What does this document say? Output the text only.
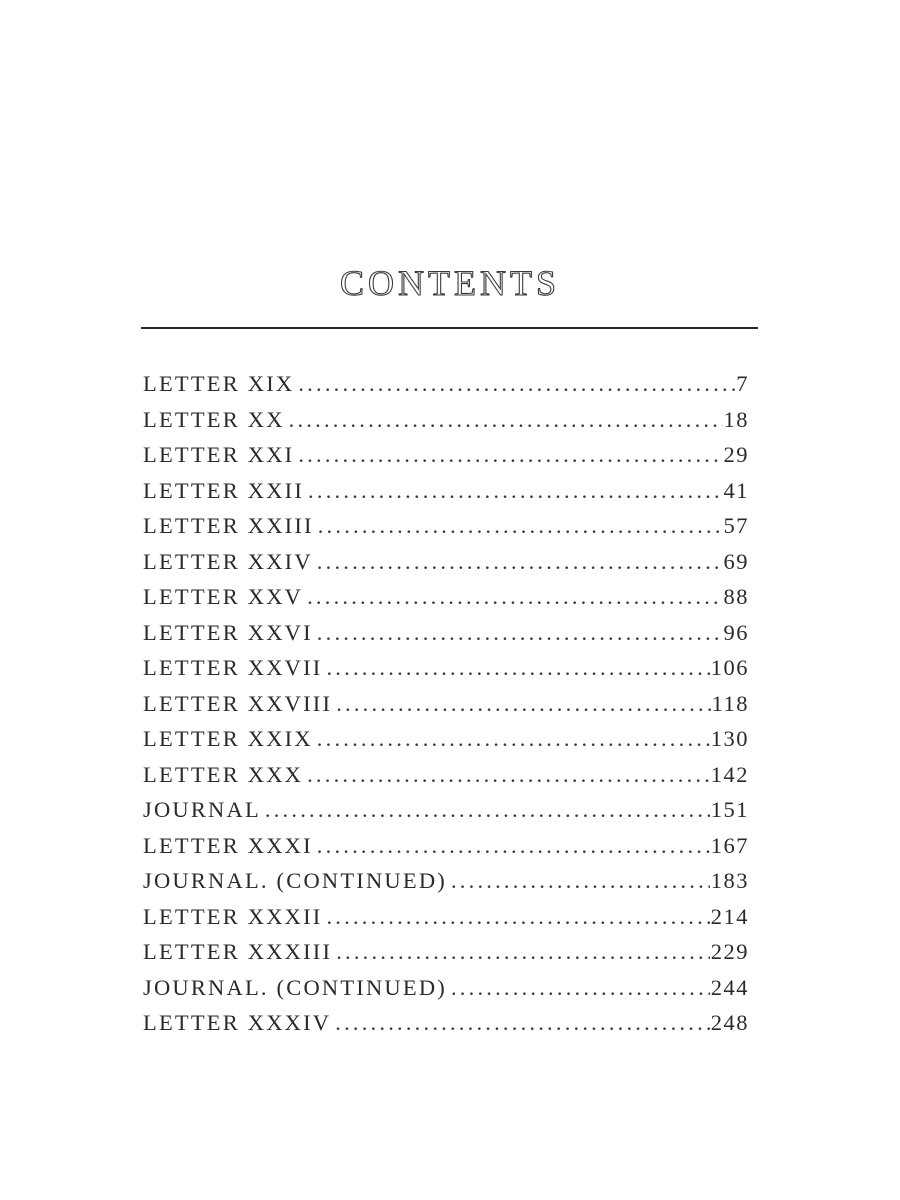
CONTENTS
LETTER XIX .....	7
LETTER XX .....	18
LETTER XXI .....	29
LETTER XXII .....	41
LETTER XXIII .....	57
LETTER XXIV .....	69
LETTER XXV .....	88
LETTER XXVI .....	96
LETTER XXVII .....	106
LETTER XXVIII .....	118
LETTER XXIX .....	130
LETTER XXX .....	142
JOURNAL .....	151
LETTER XXXI .....	167
JOURNAL. (CONTINUED) .....	183
LETTER XXXII .....	214
LETTER XXXIII .....	229
JOURNAL. (CONTINUED) .....	244
LETTER XXXIV .....	248
